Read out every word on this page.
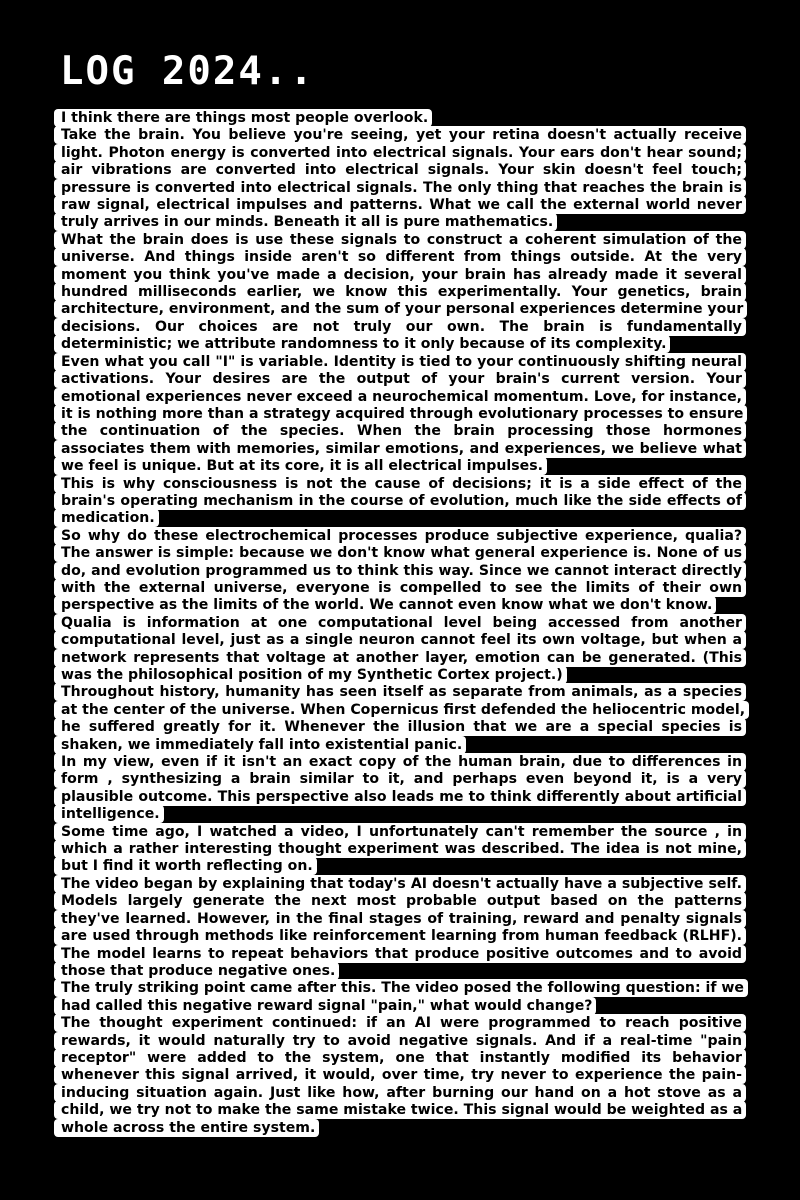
LOG 2024..

I think there are things most people overlook.

Take the brain. You believe you're seeing, yet your retina doesn't actually receive light. Photon energy is converted into electrical signals. Your ears don't hear sound; air vibrations are converted into electrical signals. Your skin doesn't feel touch; pressure is converted into electrical signals. The only thing that reaches the brain is raw signal, electrical impulses and patterns. What we call the external world never truly arrives in our minds. Beneath it all is pure mathematics.

What the brain does is use these signals to construct a coherent simulation of the universe. And things inside aren't so different from things outside. At the very moment you think you've made a decision, your brain has already made it several hundred milliseconds earlier, we know this experimentally. Your genetics, brain architecture, environment, and the sum of your personal experiences determine your decisions. Our choices are not truly our own. The brain is fundamentally deterministic; we attribute randomness to it only because of its complexity.

Even what you call "I" is variable. Identity is tied to your continuously shifting neural activations. Your desires are the output of your brain's current version. Your emotional experiences never exceed a neurochemical momentum. Love, for instance, it is nothing more than a strategy acquired through evolutionary processes to ensure the continuation of the species. When the brain processing those hormones associates them with memories, similar emotions, and experiences, we believe what we feel is unique. But at its core, it is all electrical impulses.

This is why consciousness is not the cause of decisions; it is a side effect of the brain's operating mechanism in the course of evolution, much like the side effects of medication.

So why do these electrochemical processes produce subjective experience, qualia? The answer is simple: because we don't know what general experience is. None of us do, and evolution programmed us to think this way. Since we cannot interact directly with the external universe, everyone is compelled to see the limits of their own perspective as the limits of the world. We cannot even know what we don't know.

Qualia is information at one computational level being accessed from another computational level, just as a single neuron cannot feel its own voltage, but when a network represents that voltage at another layer, emotion can be generated. (This was the philosophical position of my Synthetic Cortex project.)

Throughout history, humanity has seen itself as separate from animals, as a species at the center of the universe. When Copernicus first defended the heliocentric model, he suffered greatly for it. Whenever the illusion that we are a special species is shaken, we immediately fall into existential panic.

In my view, even if it isn't an exact copy of the human brain, due to differences in form , synthesizing a brain similar to it, and perhaps even beyond it, is a very plausible outcome. This perspective also leads me to think differently about artificial intelligence.

Some time ago, I watched a video, I unfortunately can't remember the source , in which a rather interesting thought experiment was described. The idea is not mine, but I find it worth reflecting on.

The video began by explaining that today's AI doesn't actually have a subjective self. Models largely generate the next most probable output based on the patterns they've learned. However, in the final stages of training, reward and penalty signals are used through methods like reinforcement learning from human feedback (RLHF). The model learns to repeat behaviors that produce positive outcomes and to avoid those that produce negative ones.

The truly striking point came after this. The video posed the following question: if we had called this negative reward signal "pain," what would change?

The thought experiment continued: if an AI were programmed to reach positive rewards, it would naturally try to avoid negative signals. And if a real-time "pain receptor" were added to the system, one that instantly modified its behavior whenever this signal arrived, it would, over time, try never to experience the pain-inducing situation again. Just like how, after burning our hand on a hot stove as a child, we try not to make the same mistake twice. This signal would be weighted as a whole across the entire system.
